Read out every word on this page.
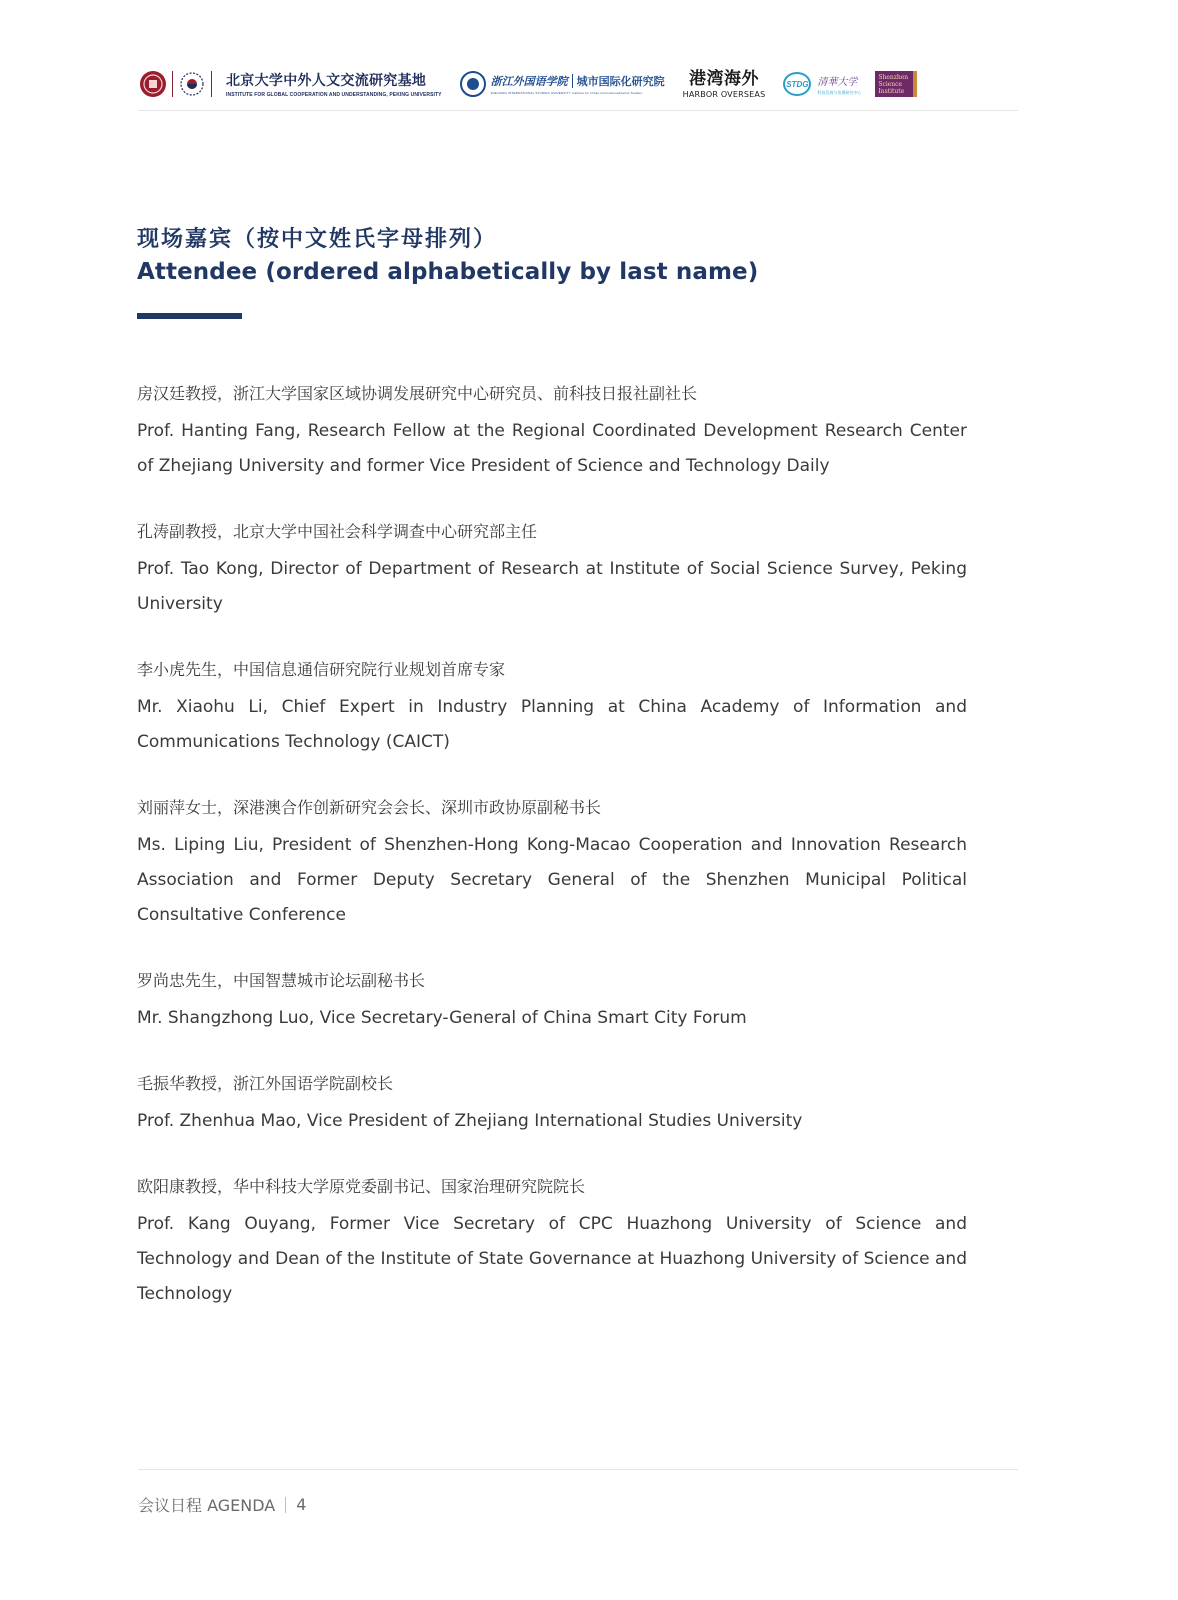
北京大学中外人文交流研究基地
INSTITUTE FOR GLOBAL COOPERATION AND UNDERSTANDING, PEKING UNIVERSITY
浙江外国语学院 城市国际化研究院
ZHEJIANG INTERNATIONAL STUDIES UNIVERSITY Institute for Urban Internationalization Studies
港湾海外
HARBOR OVERSEAS
STDG 清華大学
科技发展与治理研究中心
Shenzhen
Science
Institute
现场嘉宾（按中文姓氏字母排列）
Attendee (ordered alphabetically by last name)
房汉廷教授，浙江大学国家区域协调发展研究中心研究员、前科技日报社副社长
Prof. Hanting Fang, Research Fellow at the Regional Coordinated Development Research Center of Zhejiang University and former Vice President of Science and Technology Daily
孔涛副教授，北京大学中国社会科学调查中心研究部主任
Prof. Tao Kong, Director of Department of Research at Institute of Social Science Survey, Peking University
李小虎先生，中国信息通信研究院行业规划首席专家
Mr. Xiaohu Li, Chief Expert in Industry Planning at China Academy of Information and Communications Technology (CAICT)
刘丽萍女士，深港澳合作创新研究会会长、深圳市政协原副秘书长
Ms. Liping Liu, President of Shenzhen-Hong Kong-Macao Cooperation and Innovation Research Association and Former Deputy Secretary General of the Shenzhen Municipal Political Consultative Conference
罗尚忠先生，中国智慧城市论坛副秘书长
Mr. Shangzhong Luo, Vice Secretary-General of China Smart City Forum
毛振华教授，浙江外国语学院副校长
Prof. Zhenhua Mao, Vice President of Zhejiang International Studies University
欧阳康教授，华中科技大学原党委副书记、国家治理研究院院长
Prof. Kang Ouyang, Former Vice Secretary of CPC Huazhong University of Science and Technology and Dean of the Institute of State Governance at Huazhong University of Science and Technology
会议日程 AGENDA 4
